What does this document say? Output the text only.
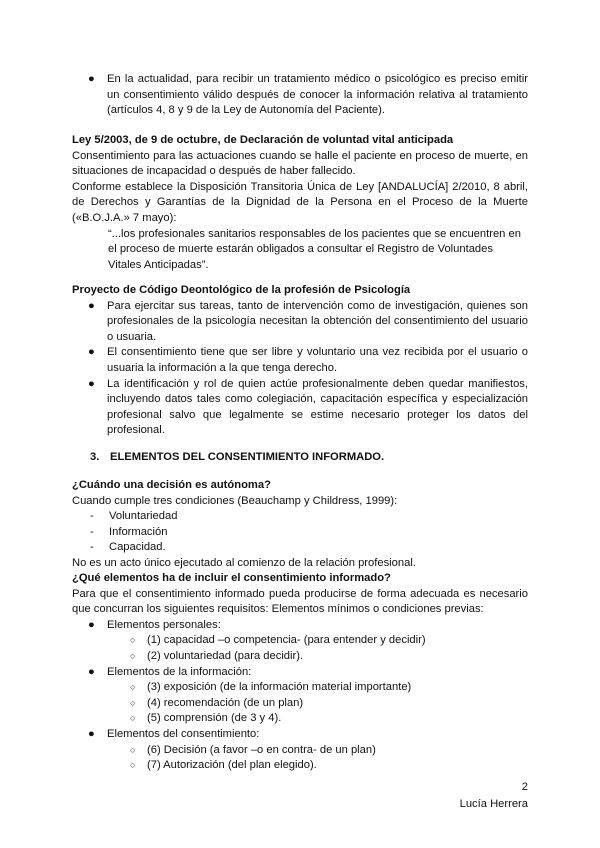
● En la actualidad, para recibir un tratamiento médico o psicológico es preciso emitir un consentimiento válido después de conocer la información relativa al tratamiento (artículos 4, 8 y 9 de la Ley de Autonomía del Paciente).

Ley 5/2003, de 9 de octubre, de Declaración de voluntad vital anticipada

Consentimiento para las actuaciones cuando se halle el paciente en proceso de muerte, en situaciones de incapacidad o después de haber fallecido.

Conforme establece la Disposición Transitoria Única de Ley [ANDALUCÍA] 2/2010, 8 abril, de Derechos y Garantías de la Dignidad de la Persona en el Proceso de la Muerte («B.O.J.A.» 7 mayo):

“...los profesionales sanitarios responsables de los pacientes que se encuentren en el proceso de muerte estarán obligados a consultar el Registro de Voluntades Vitales Anticipadas”.

Proyecto de Código Deontológico de la profesión de Psicología

● Para ejercitar sus tareas, tanto de intervención como de investigación, quienes son profesionales de la psicología necesitan la obtención del consentimiento del usuario o usuaria.

● El consentimiento tiene que ser libre y voluntario una vez recibida por el usuario o usuaria la información a la que tenga derecho.

● La identificación y rol de quien actúe profesionalmente deben quedar manifiestos, incluyendo datos tales como colegiación, capacitación específica y especialización profesional salvo que legalmente se estime necesario proteger los datos del profesional.

3. ELEMENTOS DEL CONSENTIMIENTO INFORMADO.

¿Cuándo una decisión es autónoma?

Cuando cumple tres condiciones (Beauchamp y Childress, 1999):

- Voluntariedad

- Información

- Capacidad.

No es un acto único ejecutado al comienzo de la relación profesional.

¿Qué elementos ha de incluir el consentimiento informado?

Para que el consentimiento informado pueda producirse de forma adecuada es necesario que concurran los siguientes requisitos: Elementos mínimos o condiciones previas:

● Elementos personales:

○ (1) capacidad –o competencia- (para entender y decidir)

○ (2) voluntariedad (para decidir).

● Elementos de la información:

○ (3) exposición (de la información material importante)

○ (4) recomendación (de un plan)

○ (5) comprensión (de 3 y 4).

● Elementos del consentimiento:

○ (6) Decisión (a favor –o en contra- de un plan)

○ (7) Autorización (del plan elegido).

2

Lucía Herrera
